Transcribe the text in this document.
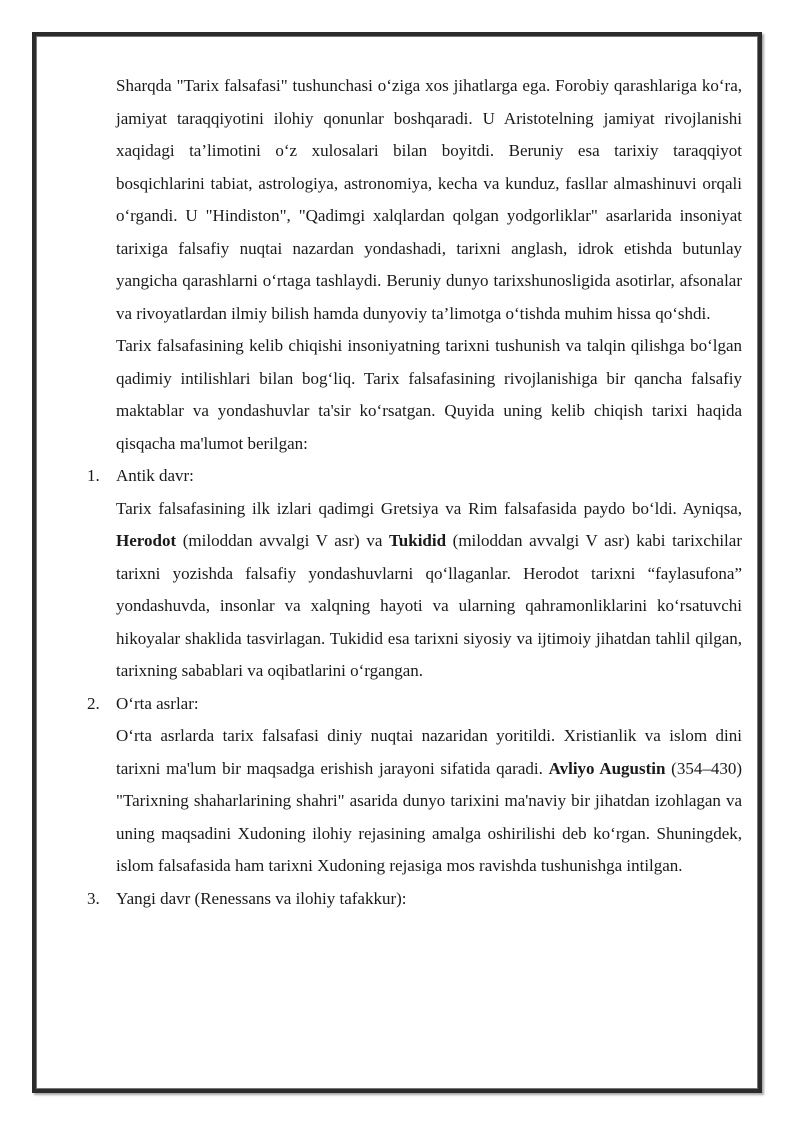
Sharqda "Tarix falsafasi" tushunchasi o‘ziga xos jihatlarga ega. Forobiy qarashlariga ko‘ra, jamiyat taraqqiyotini ilohiy qonunlar boshqaradi. U Aristotelning jamiyat rivojlanishi xaqidagi ta’limotini o‘z xulosalari bilan boyitdi. Beruniy esa tarixiy taraqqiyot bosqichlarini tabiat, astrologiya, astronomiya, kecha va kunduz, fasllar almashinuvi orqali o‘rgandi. U "Hindiston", "Qadimgi xalqlardan qolgan yodgorliklar" asarlarida insoniyat tarixiga falsafiy nuqtai nazardan yondashadi, tarixni anglash, idrok etishda butunlay yangicha qarashlarni o‘rtaga tashlaydi. Beruniy dunyo tarixshunosligida asotirlar, afsonalar va rivoyatlardan ilmiy bilish hamda dunyoviy ta’limotga o‘tishda muhim hissa qo‘shdi.

Tarix falsafasining kelib chiqishi insoniyatning tarixni tushunish va talqin qilishga bo‘lgan qadimiy intilishlari bilan bog‘liq. Tarix falsafasining rivojlanishiga bir qancha falsafiy maktablar va yondashuvlar ta'sir ko‘rsatgan. Quyida uning kelib chiqish tarixi haqida qisqacha ma'lumot berilgan:

1. Antik davr:

Tarix falsafasining ilk izlari qadimgi Gretsiya va Rim falsafasida paydo bo‘ldi. Ayniqsa, Herodot (miloddan avvalgi V asr) va Tukidid (miloddan avvalgi V asr) kabi tarixchilar tarixni yozishda falsafiy yondashuvlarni qo‘llaganlar. Herodot tarixni “faylasufona” yondashuvda, insonlar va xalqning hayoti va ularning qahramonliklarini ko‘rsatuvchi hikoyalar shaklida tasvirlagan. Tukidid esa tarixni siyosiy va ijtimoiy jihatdan tahlil qilgan, tarixning sabablari va oqibatlarini o‘rgangan.

2. O‘rta asrlar:

O‘rta asrlarda tarix falsafasi diniy nuqtai nazaridan yoritildi. Xristianlik va islom dini tarixni ma'lum bir maqsadga erishish jarayoni sifatida qaradi. Avliyo Augustin (354–430) "Tarixning shaharlarining shahri" asarida dunyo tarixini ma'naviy bir jihatdan izohlagan va uning maqsadini Xudoning ilohiy rejasining amalga oshirilishi deb ko‘rgan. Shuningdek, islom falsafasida ham tarixni Xudoning rejasiga mos ravishda tushunishga intilgan.

3. Yangi davr (Renessans va ilohiy tafakkur):
